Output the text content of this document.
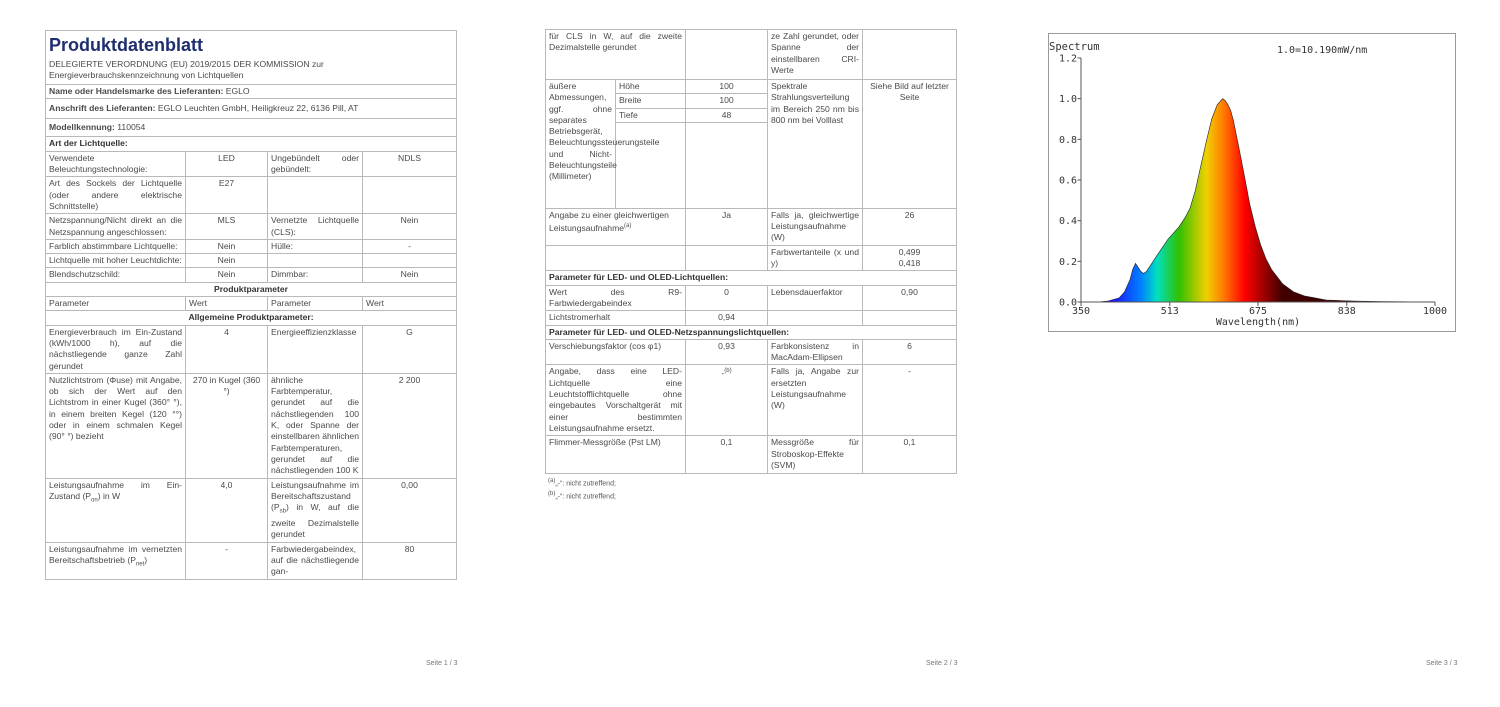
Produktdatenblatt
DELEGIERTE VERORDNUNG (EU) 2019/2015 DER KOMMISSION zur Energieverbrauchskennzeichnung von Lichtquellen			

Name oder Handelsmarke des Lieferanten: EGLO			
Anschrift des Lieferanten: EGLO Leuchten GmbH, Heiligkreuz 22, 6136 Pill, AT			
Modellkennung: 110054			
Art der Lichtquelle:			
Verwendete Beleuchtungstechnologie:	LED	Ungebündelt oder gebündelt:	NDLS
Art des Sockels der Lichtquelle (oder andere elektrische Schnittstelle)	E27		
Netzspannung/Nicht direkt an die Netzspannung angeschlossen:	MLS	Vernetzte Lichtquelle (CLS):	Nein
Farblich abstimmbare Lichtquelle:	Nein	Hülle:	-
Lichtquelle mit hoher Leuchtdichte:	Nein		
Blendschutzschild:	Nein	Dimmbar:	Nein
Produktparameter			
Parameter	Wert	Parameter	Wert
Allgemeine Produktparameter:			
Energieverbrauch im Ein-Zustand (kWh/1000 h), auf die nächstliegende ganze Zahl gerundet	4	Energieeffizienzklasse	G
Nutzlichtstrom (Φuse) mit Angabe, ob sich der Wert auf den Lichtstrom in einer Kugel (360° °), in einem breiten Kegel (120 °°) oder in einem schmalen Kegel (90° °) bezieht	270 in Kugel (360 °)	ähnliche Farbtemperatur, gerundet auf die nächstliegenden 100 K, oder Spanne der einstellbaren ähnlichen Farbtemperaturen, gerundet auf die nächstliegenden 100 K	2 200
Leistungsaufnahme im Ein-Zustand $(P_{on})$ in W	4,0	Leistungsaufnahme im Bereitschaftszustand $(P_{sb})$ in W, auf die zweite Dezimalstelle gerundet	0,00
Leistungsaufnahme im vernetzten Bereitschaftsbetrieb $(P_{net})$	-	Farbwiedergabeindex, auf die nächstliegende gan-	80
Seite 1 / 3
für CLS in W, auf die zweite Dezimalstelle gerundet			ze Zahl gerundet, oder Spanne der einstellbaren CRI-Werte	
äußere Abmessungen, ggf. ohne separates Betriebsgerät, Beleuchtungssteuerungsteile und Nicht-Beleuchtungsteile (Millimeter)	Höhe	100	Spektrale Strahlungsverteilung im Bereich 250 nm bis 800 nm bei Volllast	Siehe Bild auf letzter Seite
	Breite	100		
	Tiefe	48		

Angabe zu einer gleichwertigen Leistungsaufnahme$^{(a)}$		Ja	Falls ja, gleichwertige Leistungsaufnahme (W)	26
			Farbwertanteile (x und y)	0,499
0,418

Parameter für LED- und OLED-Lichtquellen:				
Wert des R9-Farbwiedergabeindex		0	Lebensdauerfaktor	0,90
Lichtstromerhalt		0,94		
Parameter für LED- und OLED-Netzspannungslichtquellen:				
Verschiebungsfaktor (cos φ1)		0,93	Farbkonsistenz in MacAdam-Ellipsen	6
Angabe, dass eine LED-Lichtquelle eine Leuchtstofflichtquelle ohne eingebautes Vorschaltgerät mit einer bestimmten Leistungsaufnahme ersetzt.		-$^{(b)}$	Falls ja, Angabe zur ersetzten Leistungsaufnahme (W)	-
Flimmer-Messgröße (Pst LM)		0,1	Messgröße für Stroboskop-Effekte (SVM)	0,1
$^{(a)}$„-“: nicht zutreffend;
$^{(b)}$„-“: nicht zutreffend;
Seite 2 / 3	Seite 3 / 3
Spectrum	1.0=10.190mW/nm
0.0
0.2
0.4
0.6
0.8
1.0
1.2
350	513	675	838	1000
Wavelength(nm)
